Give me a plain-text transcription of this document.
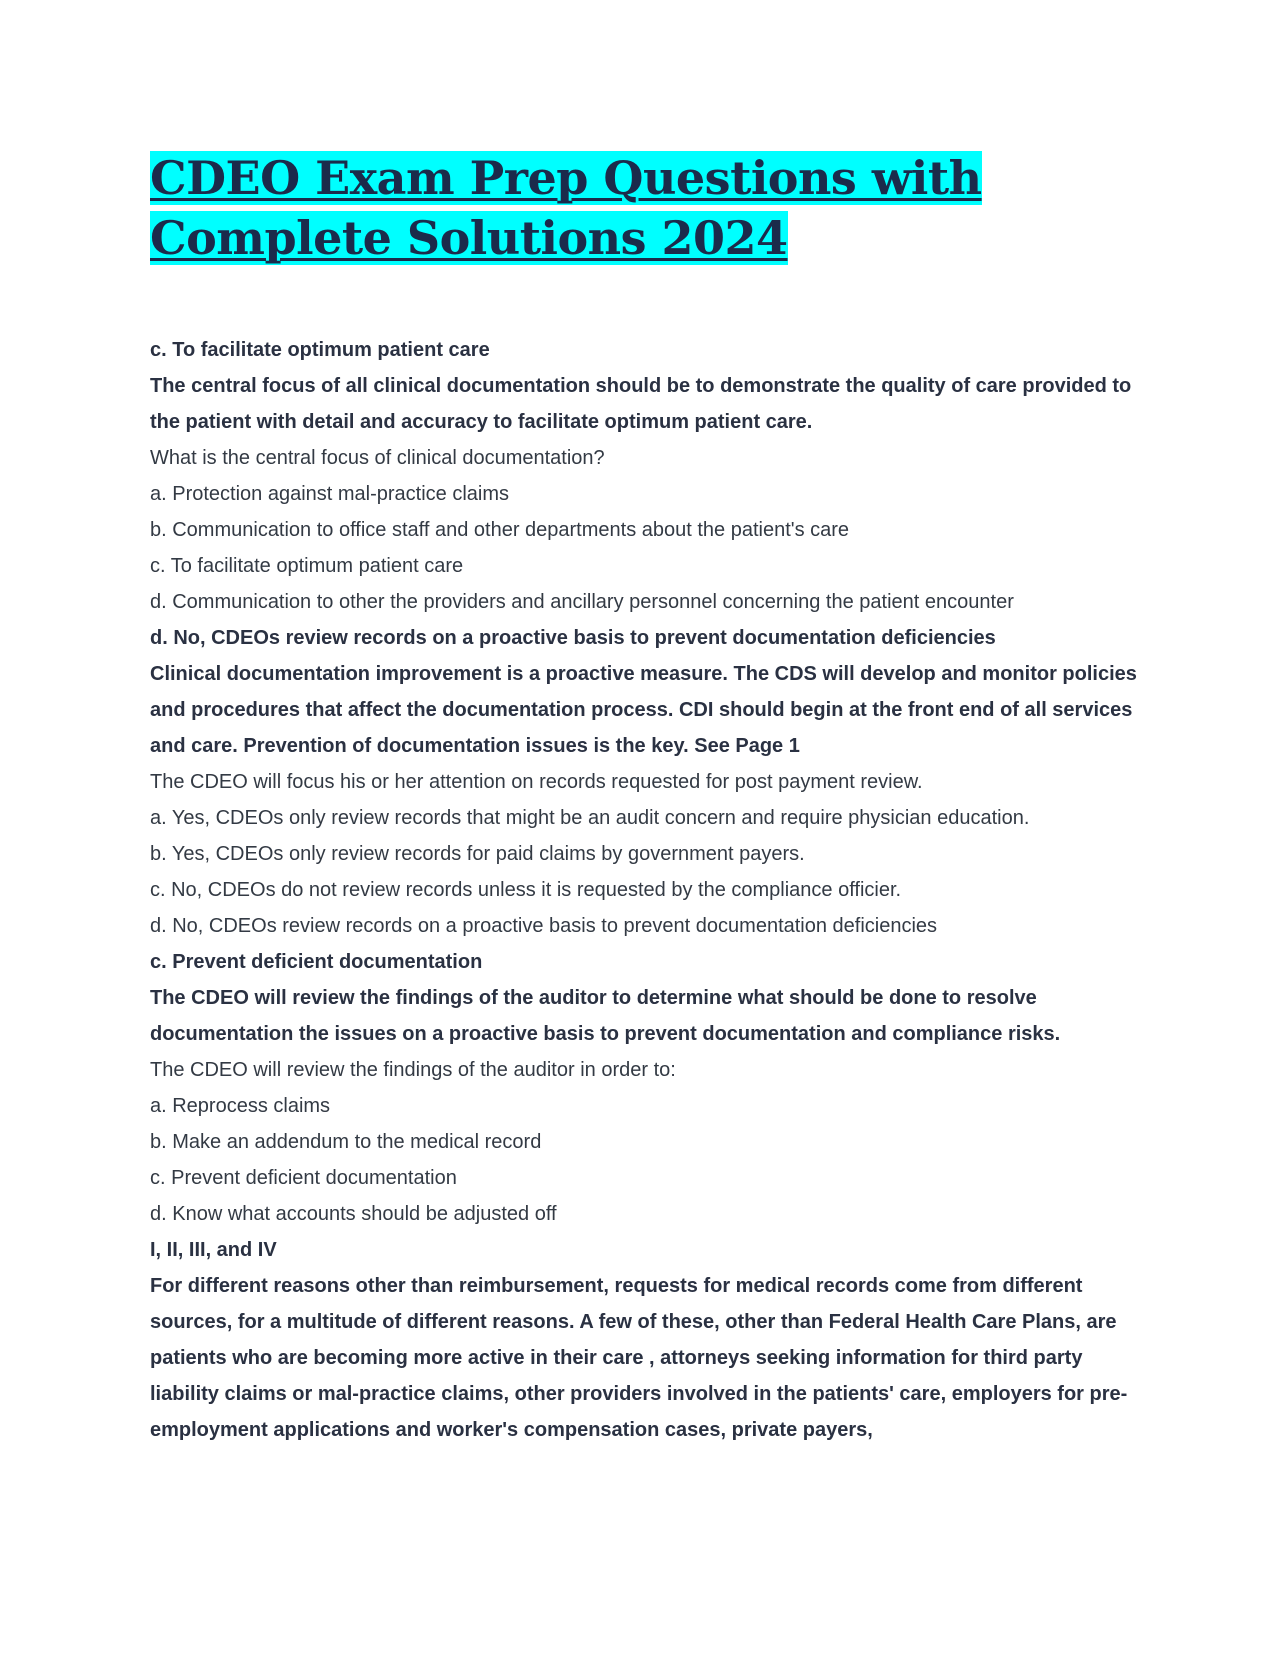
CDEO Exam Prep Questions with Complete Solutions 2024

c. To facilitate optimum patient care

The central focus of all clinical documentation should be to demonstrate the quality of care provided to the patient with detail and accuracy to facilitate optimum patient care.

What is the central focus of clinical documentation?

a. Protection against mal-practice claims

b. Communication to office staff and other departments about the patient's care

c. To facilitate optimum patient care

d. Communication to other the providers and ancillary personnel concerning the patient encounter

d. No, CDEOs review records on a proactive basis to prevent documentation deficiencies

Clinical documentation improvement is a proactive measure. The CDS will develop and monitor policies and procedures that affect the documentation process. CDI should begin at the front end of all services and care. Prevention of documentation issues is the key. See Page 1

The CDEO will focus his or her attention on records requested for post payment review.

a. Yes, CDEOs only review records that might be an audit concern and require physician education.

b. Yes, CDEOs only review records for paid claims by government payers.

c. No, CDEOs do not review records unless it is requested by the compliance officier.

d. No, CDEOs review records on a proactive basis to prevent documentation deficiencies

c. Prevent deficient documentation

The CDEO will review the findings of the auditor to determine what should be done to resolve documentation the issues on a proactive basis to prevent documentation and compliance risks.

The CDEO will review the findings of the auditor in order to:

a. Reprocess claims

b. Make an addendum to the medical record

c. Prevent deficient documentation

d. Know what accounts should be adjusted off

I, II, III, and IV

For different reasons other than reimbursement, requests for medical records come from different sources, for a multitude of different reasons. A few of these, other than Federal Health Care Plans, are patients who are becoming more active in their care , attorneys seeking information for third party liability claims or mal-practice claims, other providers involved in the patients' care, employers for pre-employment applications and worker's compensation cases, private payers,
